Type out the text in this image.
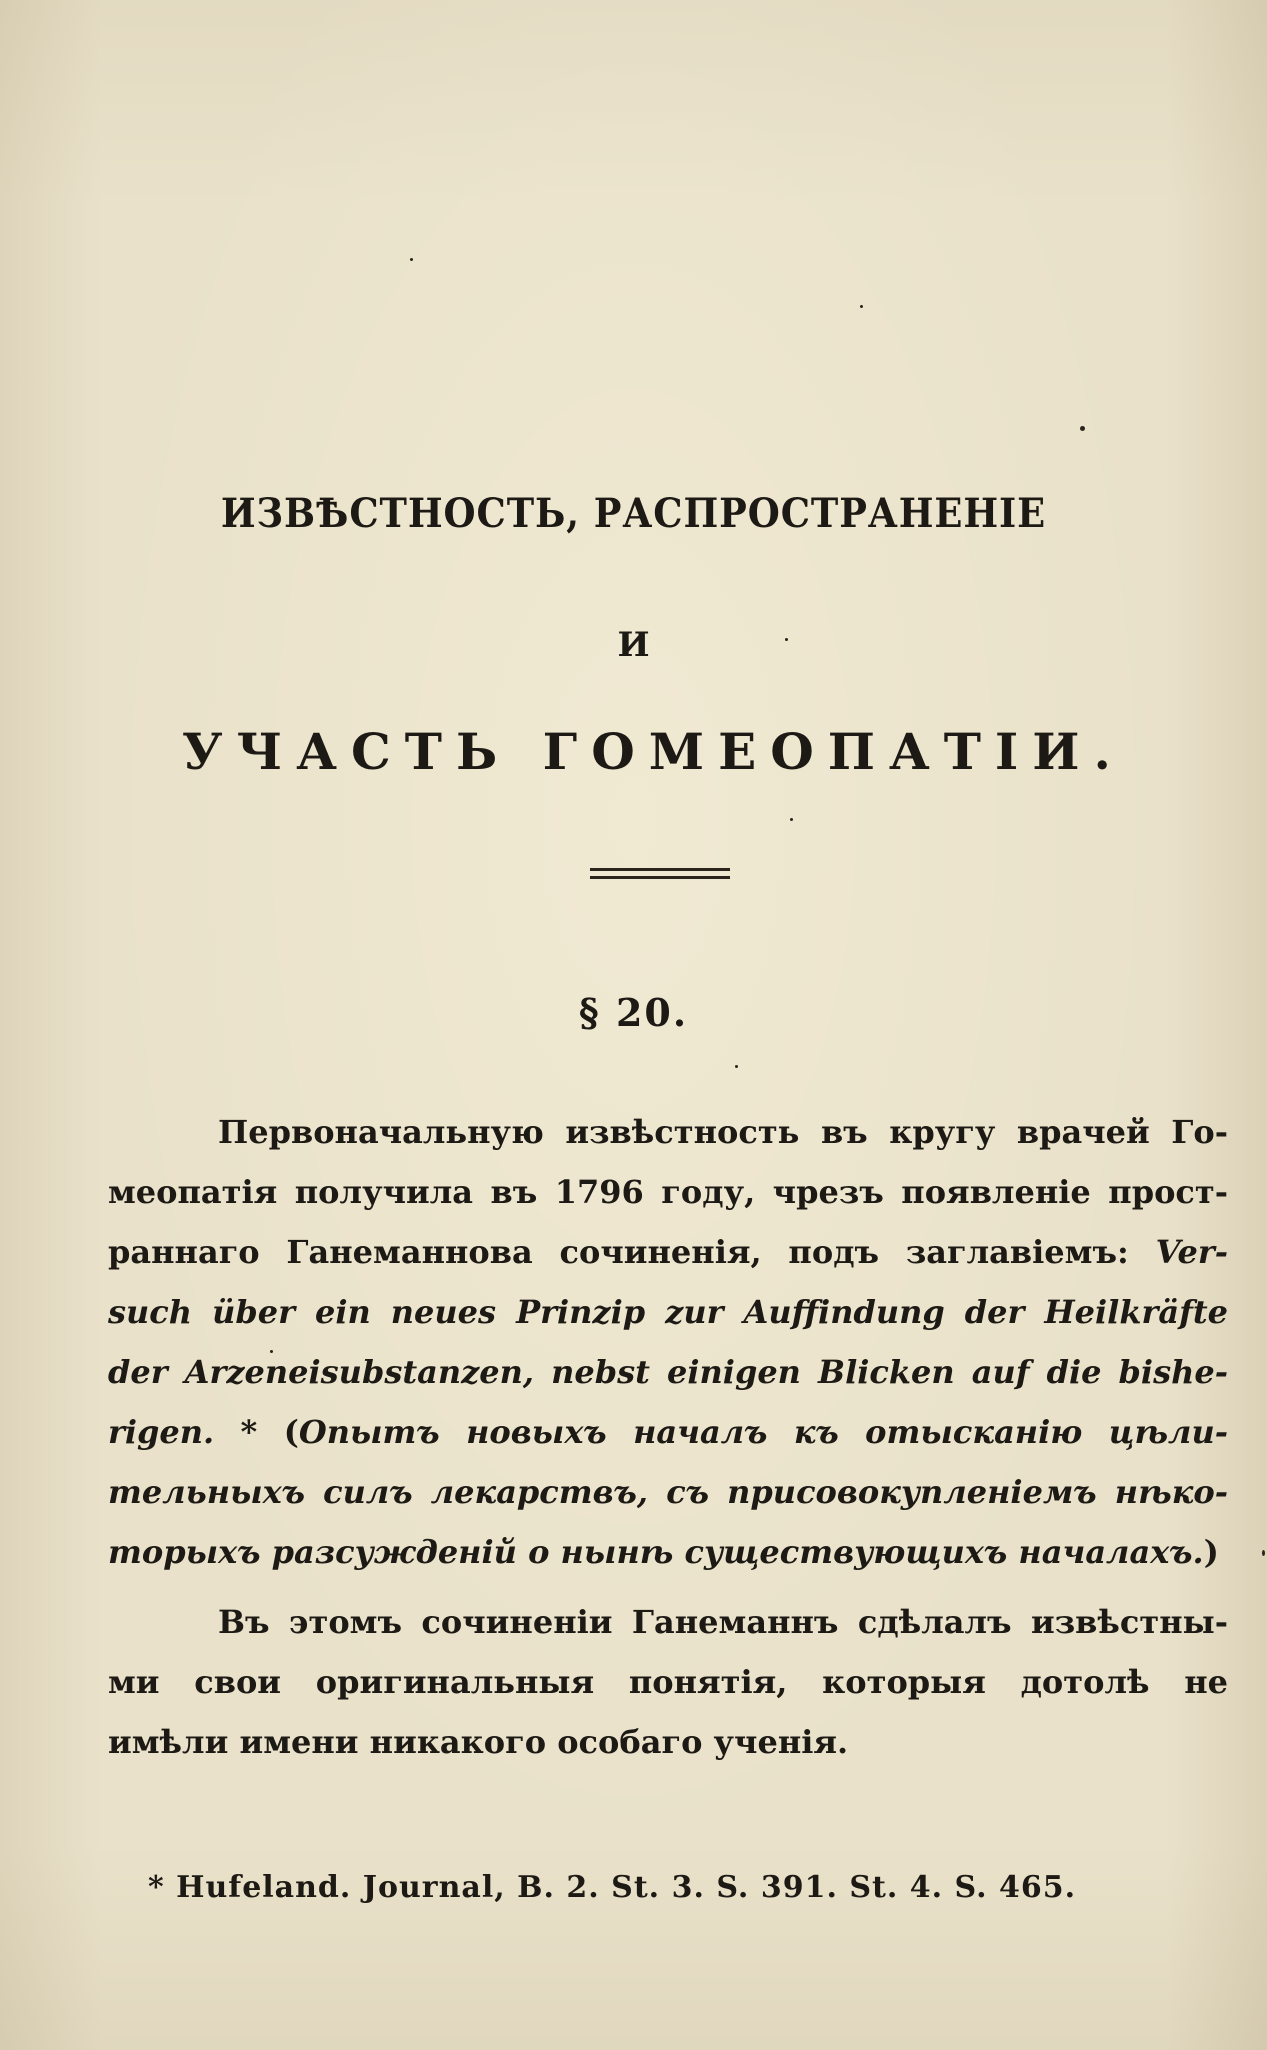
ИЗВѢСТНОСТЬ, РАСПРОСТРАНЕНІЕ
И
УЧАСТЬ ГОМЕОПАТІИ.
§ 20.
Первоначальную извѣстность въ кругу врачей Го-
меопатія получила въ 1796 году, чрезъ появленіе прост-
раннаго Ганеманнова сочиненія, подъ заглавіемъ: Ver-
such über ein neues Prinzip zur Auffindung der Heilkräfte
der Arzeneisubstanzen, nebst einigen Blicken auf die bishe-
rigen. * (Опытъ новыхъ началъ къ отысканію цѣли-
тельныхъ силъ лекарствъ, съ присовокупленіемъ нѣко-
торыхъ разсужденій о нынѣ существующихъ началахъ.)
Въ этомъ сочиненіи Ганеманнъ сдѣлалъ извѣстны-
ми свои оригинальныя понятія, которыя дотолѣ не
имѣли имени никакого особаго ученія.
* Hufeland. Journal, B. 2. St. 3. S. 391. St. 4. S. 465.
